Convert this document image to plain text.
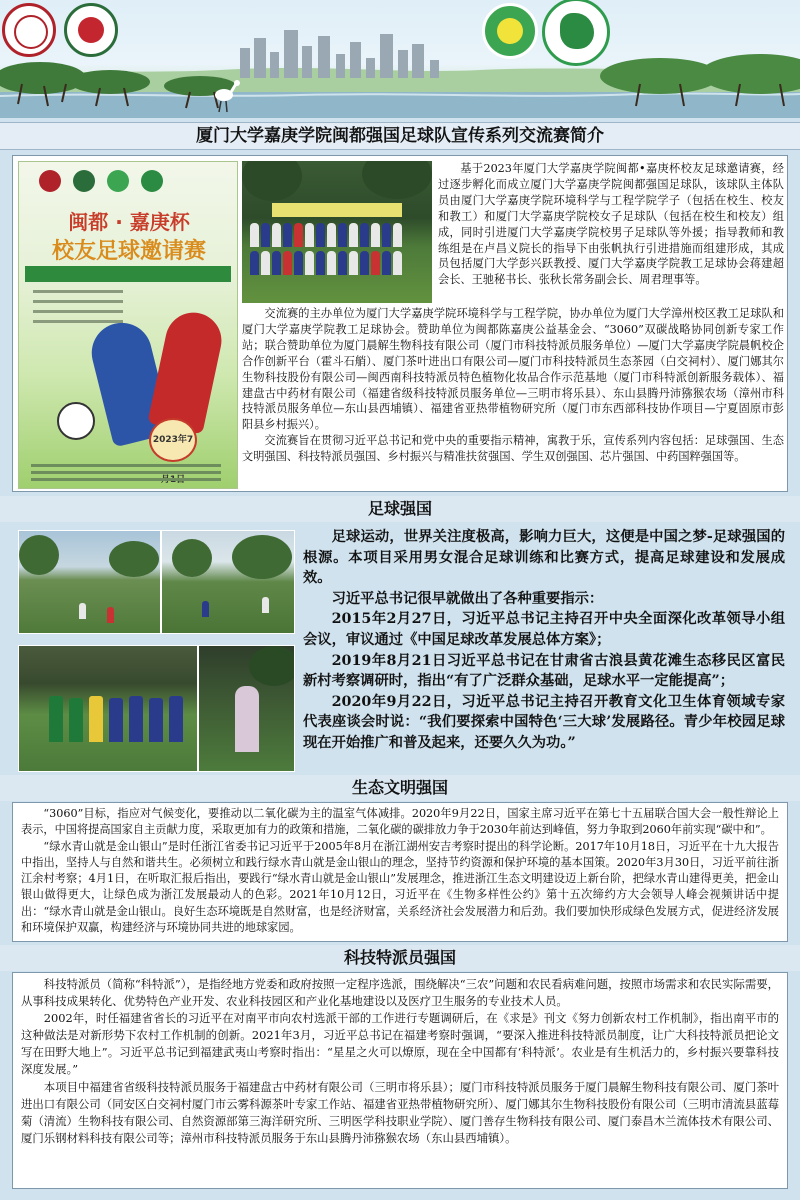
厦门大学嘉庚学院闽都强国足球队宣传系列交流赛简介
闽都 · 嘉庚杯
校友足球邀请赛
2023年7
基于2023年厦门大学嘉庚学院闽都•嘉庚杯校友足球邀请赛，经过逐步孵化而成立厦门大学嘉庚学院闽都强国足球队，该球队主体队员由厦门大学嘉庚学院环境科学与工程学院学子（包括在校生、校友和教工）和厦门大学嘉庚学院校女子足球队（包括在校生和校友）组成，同时引进厦门大学嘉庚学院校男子足球队等外援；指导教师和教练组是在卢昌义院长的指导下由张帆执行引进措施而组建形成，其成员包括厦门大学彭兴跃教授、厦门大学嘉庚学院教工足球协会蒋建超会长、王驰秘书长、张秋长常务副会长、周君理事等。

交流赛的主办单位为厦门大学嘉庚学院环境科学与工程学院，协办单位为厦门大学漳州校区教工足球队和厦门大学嘉庚学院教工足球协会。赞助单位为闽都陈嘉庚公益基金会、“3060”双碳战略协同创新专家工作站；联合赞助单位为厦门晨解生物科技有限公司（厦门市科技特派员服务单位）—厦门大学嘉庚学院晨帆校企合作创新平台（霍斗石艄）、厦门茶叶进出口有限公司—厦门市科技特派员生态茶园（白交祠村）、厦门娜其尔生物科技股份有限公司—闽西南科技特派员特色植物化妆品合作示范基地（厦门市科特派创新服务载体）、福建盘古中药材有限公司（福建省级科技特派员服务单位—三明市将乐县）、东山县腾丹沛猕猴农场（漳州市科技特派员服务单位—东山县西埔镇）、福建省亚热带植物研究所（厦门市东西部科技协作项目—宁夏固原市彭阳县乡村振兴）。

交流赛旨在贯彻习近平总书记和党中央的重要指示精神，寓教于乐，宣传系列内容包括：足球强国、生态文明强国、科技特派员强国、乡村振兴与精准扶贫强国、学生双创强国、芯片强国、中药国粹强国等。

足球强国

足球运动，世界关注度极高，影响力巨大，这便是中国之梦-足球强国的根源。本项目采用男女混合足球训练和比赛方式，提高足球建设和发展成效。

习近平总书记很早就做出了各种重要指示：

2015年2月27日，习近平总书记主持召开中央全面深化改革领导小组会议，审议通过《中国足球改革发展总体方案》；

2019年8月21日习近平总书记在甘肃省古浪县黄花滩生态移民区富民新村考察调研时，指出“有了广泛群众基础，足球水平一定能提高”；

2020年9月22日，习近平总书记主持召开教育文化卫生体育领域专家代表座谈会时说：“我们要探索中国特色‘三大球’发展路径。青少年校园足球现在开始推广和普及起来，还要久久为功。”

生态文明强国

“3060”目标，指应对气候变化，要推动以二氧化碳为主的温室气体减排。2020年9月22日，国家主席习近平在第七十五届联合国大会一般性辩论上表示，中国将提高国家自主贡献力度，采取更加有力的政策和措施，二氧化碳的碳排放力争于2030年前达到峰值，努力争取到2060年前实现“碳中和”。

“绿水青山就是金山银山”是时任浙江省委书记习近平于2005年8月在浙江湖州安吉考察时提出的科学论断。2017年10月18日，习近平在十九大报告中指出，坚持人与自然和谐共生。必须树立和践行绿水青山就是金山银山的理念，坚持节约资源和保护环境的基本国策。2020年3月30日，习近平前往浙江余村考察；4月1日，在听取汇报后指出，要践行“绿水青山就是金山银山”发展理念，推进浙江生态文明建设迈上新台阶，把绿水青山建得更美，把金山银山做得更大，让绿色成为浙江发展最动人的色彩。2021年10月12日，习近平在《生物多样性公约》第十五次缔约方大会领导人峰会视频讲话中提出：“绿水青山就是金山银山。良好生态环境既是自然财富，也是经济财富，关系经济社会发展潜力和后劲。我们要加快形成绿色发展方式，促进经济发展和环境保护双赢，构建经济与环境协同共进的地球家园。

科技特派员强国

科技特派员（简称“科特派”），是指经地方党委和政府按照一定程序选派，围绕解决“三农”问题和农民看病难问题，按照市场需求和农民实际需要，从事科技成果转化、优势特色产业开发、农业科技园区和产业化基地建设以及医疗卫生服务的专业技术人员。

2002年，时任福建省省长的习近平在对南平市向农村选派干部的工作进行专题调研后，在《求是》刊文《努力创新农村工作机制》，指出南平市的这种做法是对新形势下农村工作机制的创新。2021年3月，习近平总书记在福建考察时强调，“要深入推进科技特派员制度，让广大科技特派员把论文写在田野大地上”。习近平总书记到福建武夷山考察时指出：“星星之火可以燎原，现在全中国都有‘科特派’。农业是有生机活力的，乡村振兴要靠科技深度发展。”

本项目中福建省省级科技特派员服务于福建盘古中药材有限公司（三明市将乐县）；厦门市科技特派员服务于厦门晨解生物科技有限公司、厦门茶叶进出口有限公司（同安区白交祠村厦门市云雾科源茶叶专家工作站、福建省亚热带植物研究所）、厦门娜其尔生物科技股份有限公司（三明市清流县蓝莓菊（清流）生物科技有限公司、自然资源部第三海洋研究所、三明医学科技职业学院）、厦门善存生物科技有限公司、厦门泰昌木兰流体技术有限公司、厦门乐钢材料科技有限公司等；漳州市科技特派员服务于东山县腾丹沛猕猴农场（东山县西埔镇）。
